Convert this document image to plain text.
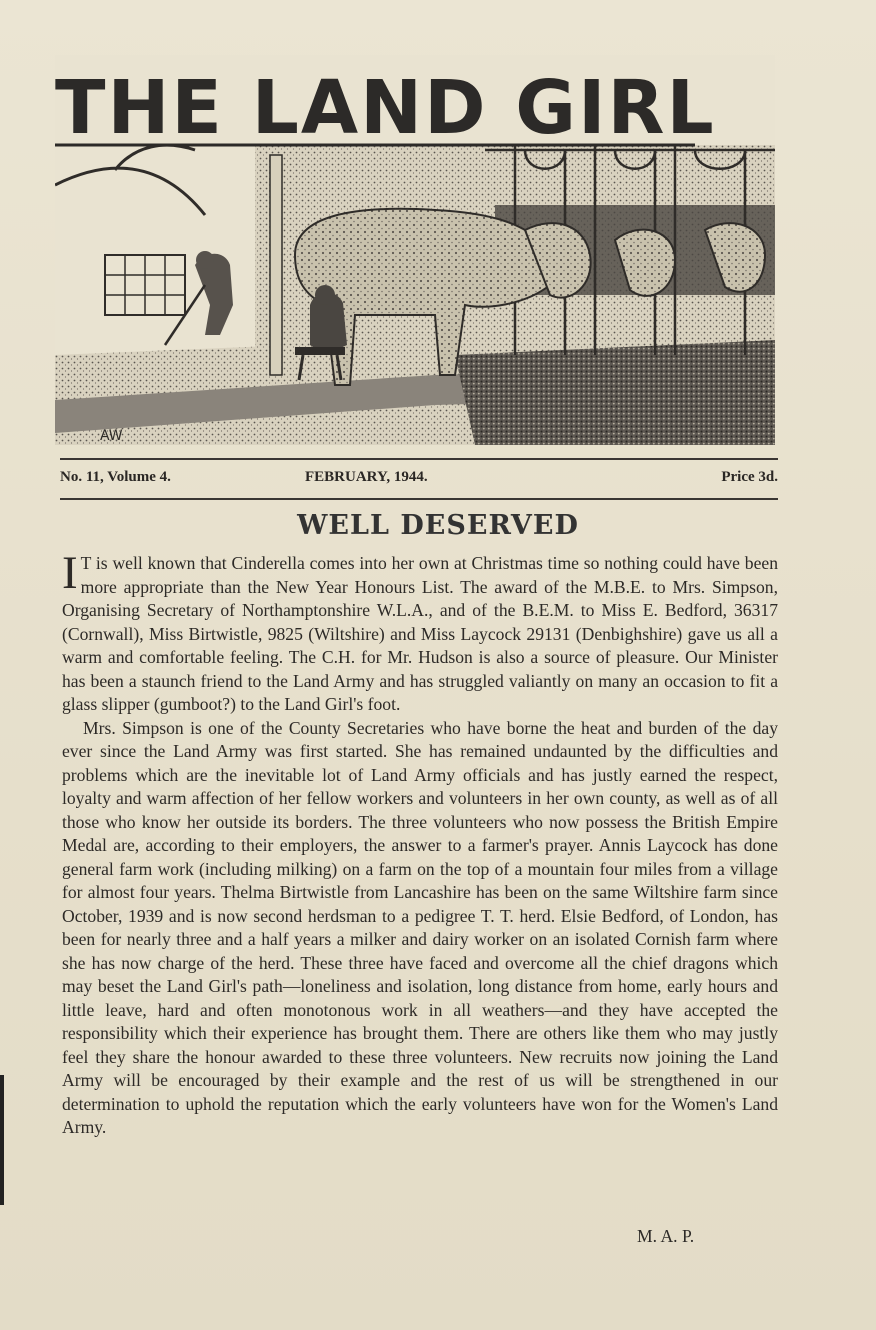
THE LAND GIRL
AW
No. 11, Volume 4.	FEBRUARY, 1944.	Price 3d.
WELL DESERVED

I T is well known that Cinderella comes into her own at Christmas time so nothing could have been more appropriate than the New Year Honours List. The award of the M.B.E. to Mrs. Simpson, Organising Secretary of Northamptonshire W.L.A., and of the B.E.M. to Miss E. Bedford, 36317 (Cornwall), Miss Birtwistle, 9825 (Wiltshire) and Miss Laycock 29131 (Denbighshire) gave us all a warm and comfortable feeling. The C.H. for Mr. Hudson is also a source of pleasure. Our Minister has been a staunch friend to the Land Army and has struggled valiantly on many an occasion to fit a glass slipper (gumboot?) to the Land Girl's foot.

Mrs. Simpson is one of the County Secretaries who have borne the heat and burden of the day ever since the Land Army was first started. She has remained undaunted by the difficulties and problems which are the inevitable lot of Land Army officials and has justly earned the respect, loyalty and warm affection of her fellow workers and volunteers in her own county, as well as of all those who know her outside its borders. The three volunteers who now possess the British Empire Medal are, according to their employers, the answer to a farmer's prayer. Annis Laycock has done general farm work (including milking) on a farm on the top of a mountain four miles from a village for almost four years. Thelma Birtwistle from Lancashire has been on the same Wiltshire farm since October, 1939 and is now second herdsman to a pedigree T. T. herd. Elsie Bedford, of London, has been for nearly three and a half years a milker and dairy worker on an isolated Cornish farm where she has now charge of the herd. These three have faced and overcome all the chief dragons which may beset the Land Girl's path—loneliness and isolation, long distance from home, early hours and little leave, hard and often monotonous work in all weathers—and they have accepted the responsibility which their experience has brought them. There are others like them who may justly feel they share the honour awarded to these three volunteers. New recruits now joining the Land Army will be encouraged by their example and the rest of us will be strengthened in our determination to uphold the reputation which the early volunteers have won for the Women's Land Army.

M. A. P.
